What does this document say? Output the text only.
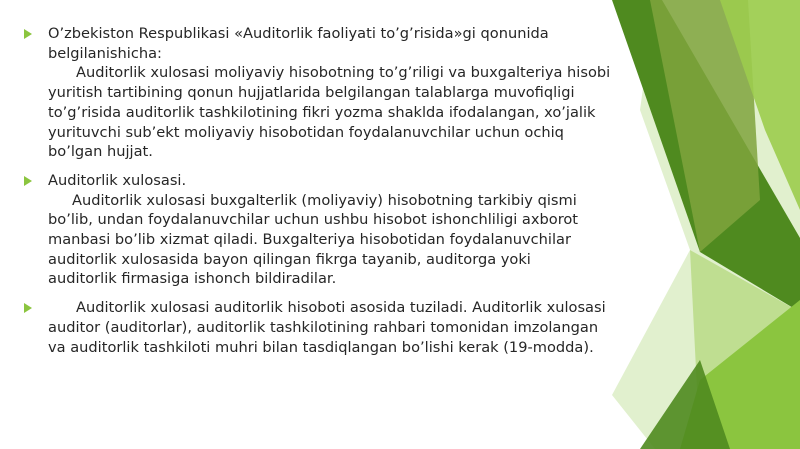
O’zbekiston Respublikasi «Auditorlik faoliyati to’g’risida»gi qonunida
belgilanishicha:
Auditorlik xulosasi moliyaviy hisobotning to’g’riligi va buxgalteriya hisobi
yuritish tartibining qonun hujjatlarida belgilangan talablarga muvofiqligi
to’g’risida auditorlik tashkilotining fikri yozma shaklda ifodalangan, xo’jalik
yurituvchi sub’ekt moliyaviy hisobotidan foydalanuvchilar uchun ochiq
bo’lgan hujjat.
Auditorlik xulosasi.
Auditorlik xulosasi buxgalterlik (moliyaviy) hisobotning tarkibiy qismi
bo’lib, undan foydalanuvchilar uchun ushbu hisobot ishonchliligi axborot
manbasi bo’lib xizmat qiladi. Buxgalteriya hisobotidan foydalanuvchilar
auditorlik xulosasida bayon qilingan fikrga tayanib, auditorga yoki
auditorlik firmasiga ishonch bildiradilar.
Auditorlik xulosasi auditorlik hisoboti asosida tuziladi. Auditorlik xulosasi
auditor (auditorlar), auditorlik tashkilotining rahbari tomonidan imzolangan
va auditorlik tashkiloti muhri bilan tasdiqlangan bo’lishi kerak (19-modda).
